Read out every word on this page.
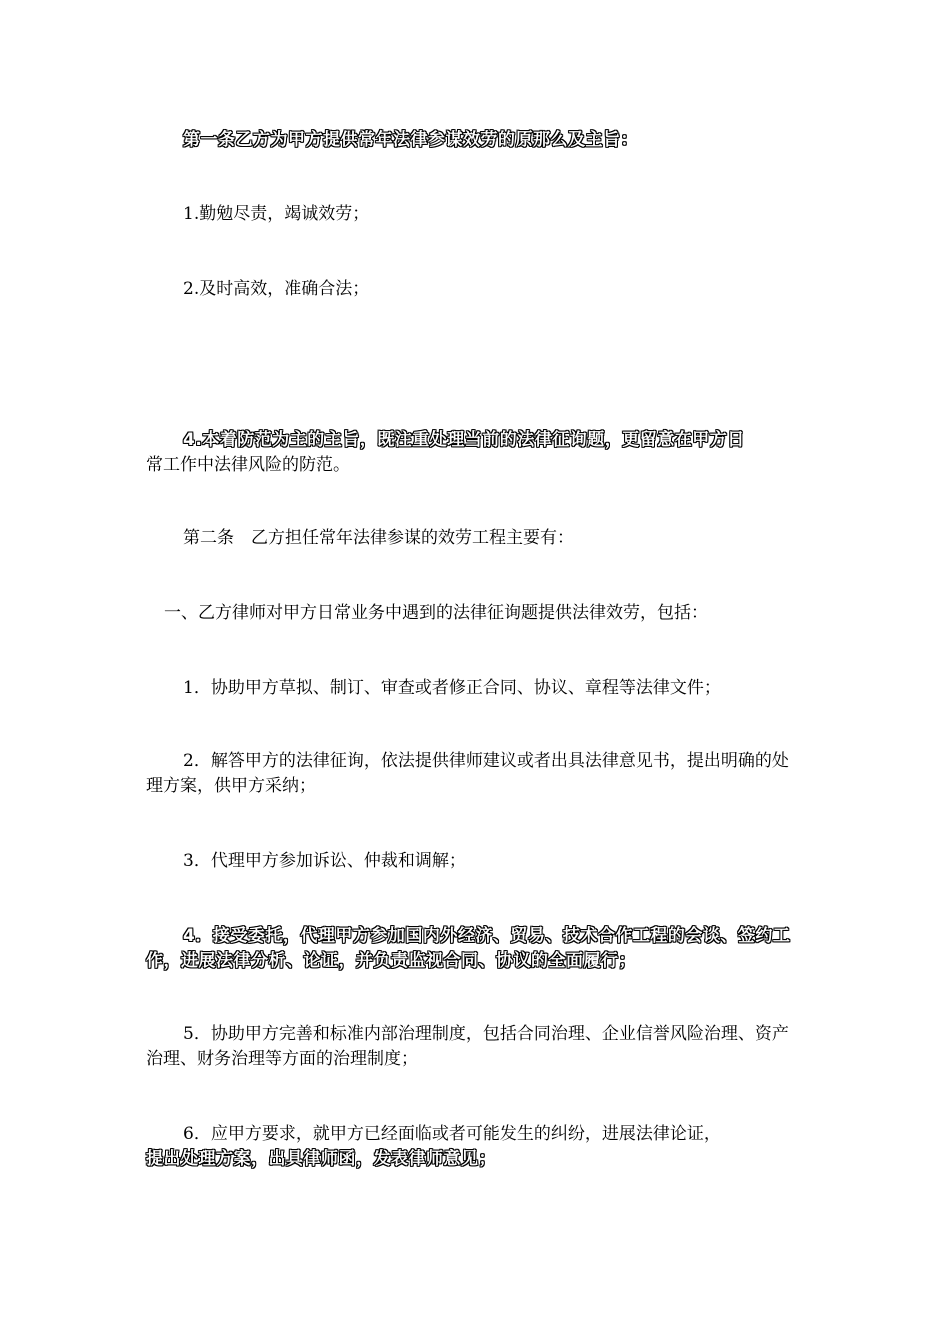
第一条乙方为甲方提供常年法律参谋效劳的原那么及主旨：

1.勤勉尽责，竭诚效劳；

2.及时高效，准确合法；

4.本着防范为主的主旨，既注重处理当前的法律征询题，更留意在甲方日
常工作中法律风险的防范。

第二条　乙方担任常年法律参谋的效劳工程主要有：

一、乙方律师对甲方日常业务中遇到的法律征询题提供法律效劳，包括：

1．协助甲方草拟、制订、审查或者修正合同、协议、章程等法律文件；

2．解答甲方的法律征询，依法提供律师建议或者出具法律意见书，提出明确的处理方案，供甲方采纳；

3．代理甲方参加诉讼、仲裁和调解；

4．接受委托，代理甲方参加国内外经济、贸易、技术合作工程的会谈、签约工作，进展法律分析、论证，并负责监视合同、协议的全面履行；

5．协助甲方完善和标准内部治理制度，包括合同治理、企业信誉风险治理、资产治理、财务治理等方面的治理制度；

6．应甲方要求，就甲方已经面临或者可能发生的纠纷，进展法律论证，
提出处理方案，出具律师函，发表律师意见；
